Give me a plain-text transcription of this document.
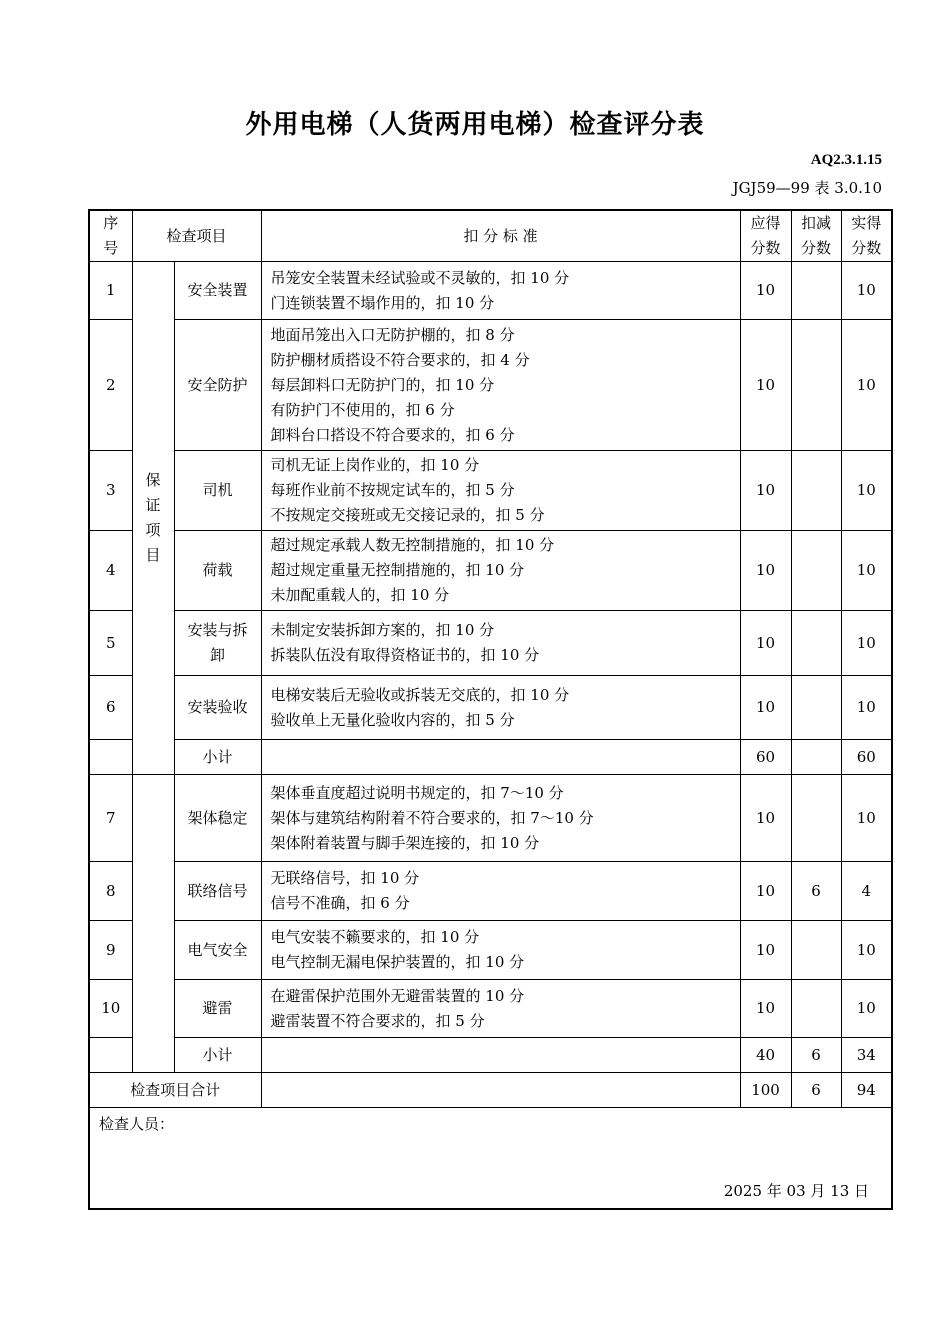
外用电梯（人货两用电梯）检查评分表
AQ2.3.1.15
JGJ59—99 表 3.0.10
序号	检查项目		扣 分 标 准	应得分数	扣减分数	实得分数
1	保证项目	安全装置	吊笼安全装置未经试验或不灵敏的，扣 10 分
门连锁装置不塌作用的，扣 10 分	10		10
2		安全防护	地面吊笼出入口无防护棚的，扣 8 分
防护棚材质搭设不符合要求的，扣 4 分
每层卸料口无防护门的，扣 10 分
有防护门不使用的，扣 6 分
卸料台口搭设不符合要求的，扣 6 分	10		10
3		司机	司机无证上岗作业的，扣 10 分
每班作业前不按规定试车的，扣 5 分
不按规定交接班或无交接记录的，扣 5 分	10		10
4		荷载	超过规定承载人数无控制措施的，扣 10 分
超过规定重量无控制措施的，扣 10 分
未加配重载人的，扣 10 分	10		10
5		安装与拆卸	未制定安装拆卸方案的，扣 10 分
拆装队伍没有取得资格证书的，扣 10 分	10		10
6		安装验收	电梯安装后无验收或拆装无交底的，扣 10 分
验收单上无量化验收内容的，扣 5 分	10		10
		小计		60		60
7		架体稳定	架体垂直度超过说明书规定的，扣 7～10 分
架体与建筑结构附着不符合要求的，扣 7～10 分
架体附着装置与脚手架连接的，扣 10 分	10		10
8		联络信号	无联络信号，扣 10 分
信号不准确，扣 6 分	10	6	4
9		电气安全	电气安装不籁要求的，扣 10 分
电气控制无漏电保护装置的，扣 10 分	10		10
10		避雷	在避雷保护范围外无避雷装置的 10 分
避雷装置不符合要求的，扣 5 分	10		10
		小计		40	6	34
检查项目合计				100	6	94

检查人员：
2025 年 03 月 13 日						
